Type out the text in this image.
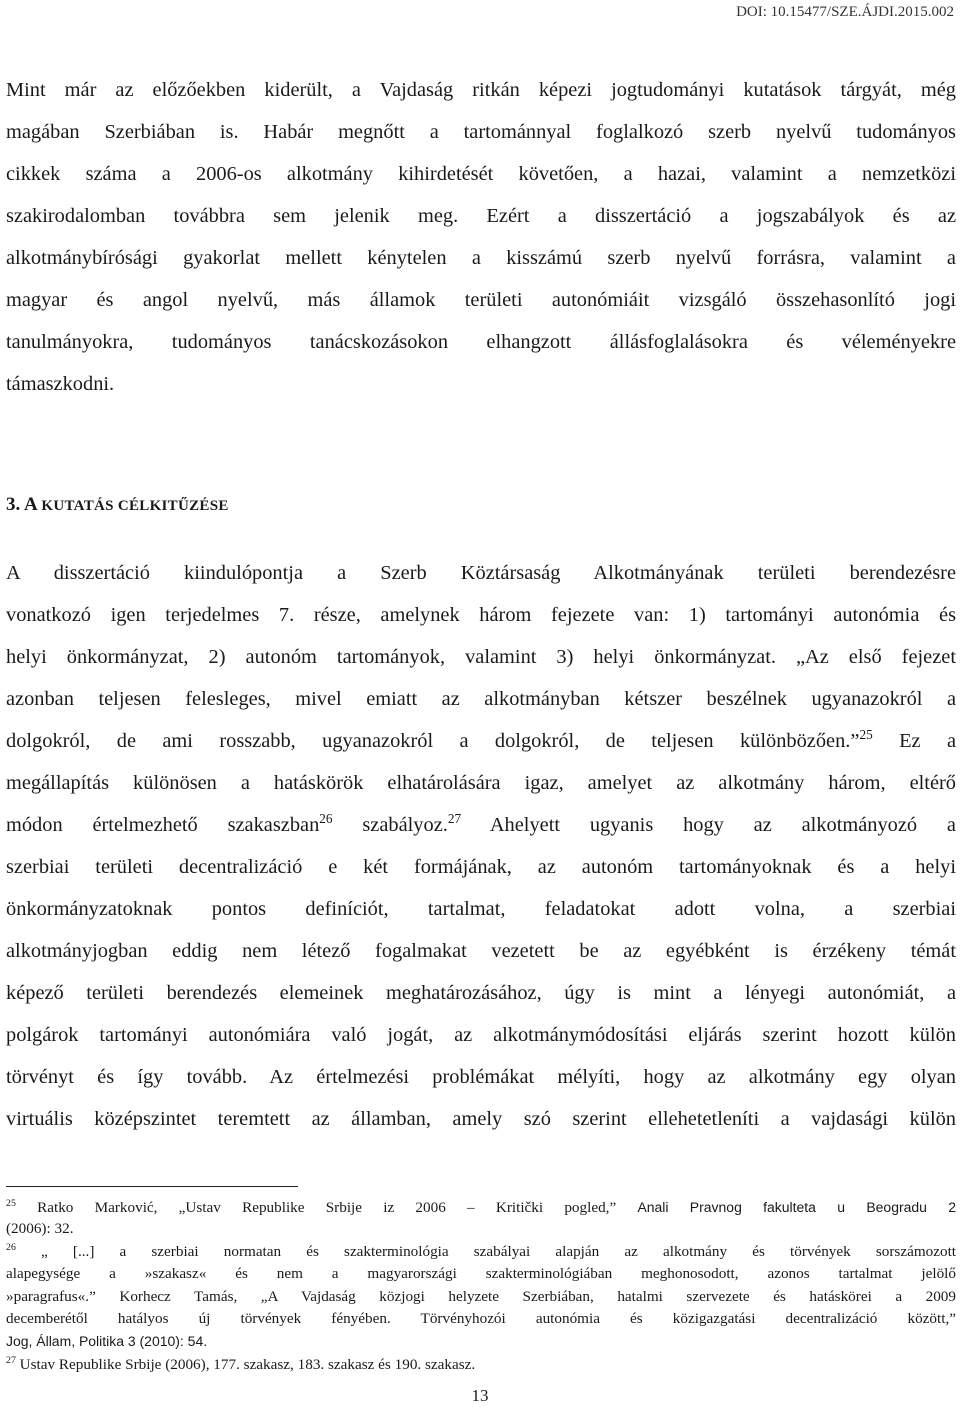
DOI: 10.15477/SZE.ÁJDI.2015.002
Mint már az előzőekben kiderült, a Vajdaság ritkán képezi jogtudományi kutatások tárgyát, még
magában Szerbiában is. Habár megnőtt a tartománnyal foglalkozó szerb nyelvű tudományos
cikkek száma a 2006-os alkotmány kihirdetését követően, a hazai, valamint a nemzetközi
szakirodalomban továbbra sem jelenik meg. Ezért a disszertáció a jogszabályok és az
alkotmánybírósági gyakorlat mellett kénytelen a kisszámú szerb nyelvű forrásra, valamint a
magyar és angol nyelvű, más államok területi autonómiáit vizsgáló összehasonlító jogi
tanulmányokra, tudományos tanácskozásokon elhangzott állásfoglalásokra és véleményekre
támaszkodni.
3. A KUTATÁS CÉLKITŰZÉSE
A disszertáció kiindulópontja a Szerb Köztársaság Alkotmányának területi berendezésre
vonatkozó igen terjedelmes 7. része, amelynek három fejezete van: 1) tartományi autonómia és
helyi önkormányzat, 2) autonóm tartományok, valamint 3) helyi önkormányzat. „Az első fejezet
azonban teljesen felesleges, mivel emiatt az alkotmányban kétszer beszélnek ugyanazokról a
dolgokról, de ami rosszabb, ugyanazokról a dolgokról, de teljesen különbözően.”$^{25}$ Ez a
megállapítás különösen a hatáskörök elhatárolására igaz, amelyet az alkotmány három, eltérő
módon értelmezhető szakaszban$^{26}$ szabályoz.$^{27}$ Ahelyett ugyanis hogy az alkotmányozó a
szerbiai területi decentralizáció e két formájának, az autonóm tartományoknak és a helyi
önkormányzatoknak pontos definíciót, tartalmat, feladatokat adott volna, a szerbiai
alkotmányjogban eddig nem létező fogalmakat vezetett be az egyébként is érzékeny témát
képező területi berendezés elemeinek meghatározásához, úgy is mint a lényegi autonómiát, a
polgárok tartományi autonómiára való jogát, az alkotmánymódosítási eljárás szerint hozott külön
törvényt és így tovább. Az értelmezési problémákat mélyíti, hogy az alkotmány egy olyan
virtuális középszintet teremtett az államban, amely szó szerint ellehetetleníti a vajdasági külön
$^{25}$ Ratko Marković, „Ustav Republike Srbije iz 2006 – Kritički pogled,” Anali Pravnog fakulteta u Beogradu 2
(2006): 32.
$^{26}$ „ [...] a szerbiai normatan és szakterminológia szabályai alapján az alkotmány és törvények sorszámozott
alapegysége a »szakasz« és nem a magyarországi szakterminológiában meghonosodott, azonos tartalmat jelölő
»paragrafus«.” Korhecz Tamás, „A Vajdaság közjogi helyzete Szerbiában, hatalmi szervezete és hatáskörei a 2009
decemberétől hatályos új törvények fényében. Törvényhozói autonómia és közigazgatási decentralizáció között,”
Jog, Állam, Politika 3 (2010): 54.
$^{27}$ Ustav Republike Srbije (2006), 177. szakasz, 183. szakasz és 190. szakasz.
13
